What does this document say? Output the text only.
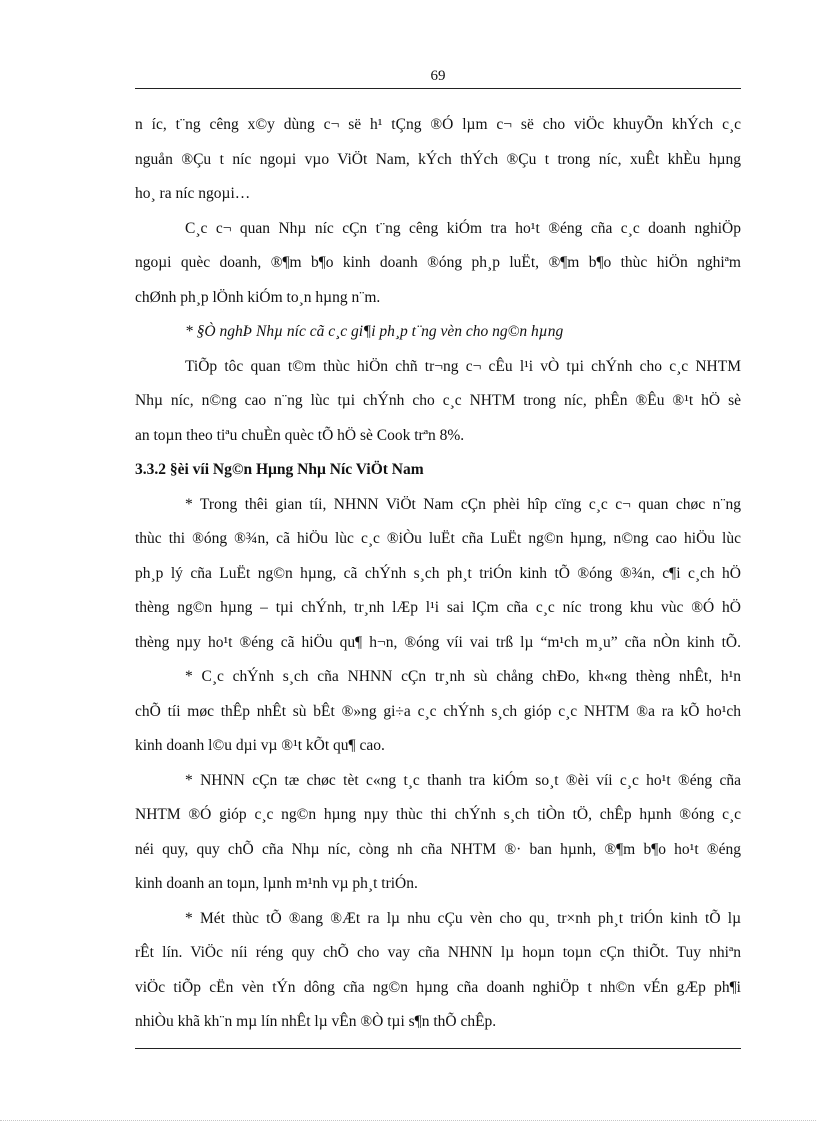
69
n íc, t¨ng cêng x©y dùng c¬ së h¹ tÇng ®Ó lµm c¬ së cho viÖc khuyÕn khÝch c¸c
nguån ®Çu t níc ngoµi vµo ViÖt Nam, kÝch thÝch ®Çu t trong níc, xuÊt khÈu hµng
ho¸ ra níc ngoµi…
C¸c c¬ quan Nhµ níc cÇn t¨ng cêng kiÓm tra ho¹t ®éng cña c¸c doanh nghiÖp
ngoµi quèc doanh, ®¶m b¶o kinh doanh ®óng ph¸p luËt, ®¶m b¶o thùc hiÖn nghiªm
chØnh ph¸p lÖnh kiÓm to¸n hµng n¨m.
* §Ò nghÞ Nhµ níc cã c¸c gi¶i ph¸p t¨ng vèn cho ng©n hµng
TiÕp tôc quan t©m thùc hiÖn chñ tr¬ng c¬ cÊu l¹i vÒ tµi chÝnh cho c¸c NHTM
Nhµ níc, n©ng cao n¨ng lùc tµi chÝnh cho c¸c NHTM trong níc, phÊn ®Êu ®¹t hÖ sè
an toµn theo tiªu chuÈn quèc tÕ hÖ sè Cook trªn 8%.
3.3.2 §èi víi Ng©n Hµng Nhµ Níc ViÖt Nam
* Trong thêi gian tíi, NHNN ViÖt Nam cÇn phèi hîp cïng c¸c c¬ quan chøc n¨ng
thùc thi ®óng ®¾n, cã hiÖu lùc c¸c ®iÒu luËt cña LuËt ng©n hµng, n©ng cao hiÖu lùc
ph¸p lý cña LuËt ng©n hµng, cã chÝnh s¸ch ph¸t triÓn kinh tÕ ®óng ®¾n, c¶i c¸ch hÖ
thèng ng©n hµng – tµi chÝnh, tr¸nh lÆp l¹i sai lÇm cña c¸c níc trong khu vùc ®Ó hÖ
thèng nµy ho¹t ®éng cã hiÖu qu¶ h¬n, ®óng víi vai trß lµ “m¹ch m¸u” cña nÒn kinh tÕ.
* C¸c chÝnh s¸ch cña NHNN cÇn tr¸nh sù chång chÐo, kh«ng thèng nhÊt, h¹n
chÕ tíi møc thÊp nhÊt sù bÊt ®»ng gi÷a c¸c chÝnh s¸ch gióp c¸c NHTM ®a ra kÕ ho¹ch
kinh doanh l©u dµi vµ ®¹t kÕt qu¶ cao.
* NHNN cÇn tæ chøc tèt c«ng t¸c thanh tra kiÓm so¸t ®èi víi c¸c ho¹t ®éng cña
NHTM ®Ó gióp c¸c ng©n hµng nµy thùc thi chÝnh s¸ch tiÒn tÖ, chÊp hµnh ®óng c¸c
néi quy, quy chÕ cña Nhµ níc, còng nh cña NHTM ®· ban hµnh, ®¶m b¶o ho¹t ®éng
kinh doanh an toµn, lµnh m¹nh vµ ph¸t triÓn.
* Mét thùc tÕ ®ang ®Æt ra lµ nhu cÇu vèn cho qu¸ tr×nh ph¸t triÓn kinh tÕ lµ
rÊt lín. ViÖc níi réng quy chÕ cho vay cña NHNN lµ hoµn toµn cÇn thiÕt. Tuy nhiªn
viÖc tiÕp cËn vèn tÝn dông cña ng©n hµng cña doanh nghiÖp t nh©n vÉn gÆp ph¶i
nhiÒu khã kh¨n mµ lín nhÊt lµ vÊn ®Ò tµi s¶n thÕ chÊp.
